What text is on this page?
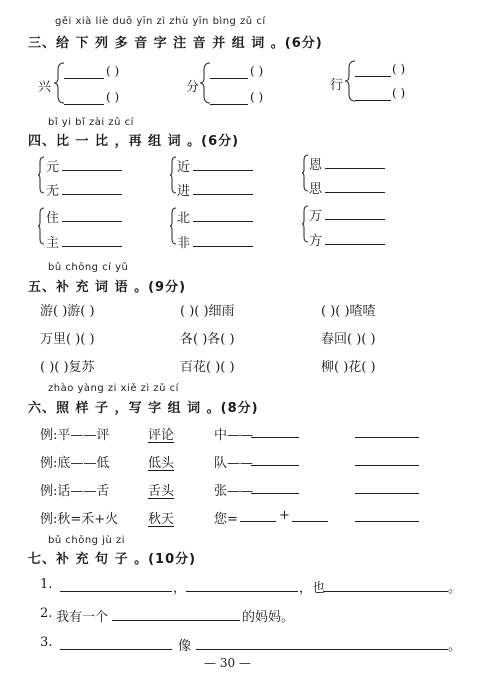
gěi xià liè duō yīn zì zhù yīn bìng zǔ cí
三、给 下 列 多 音 字 注 音 并 组 词 。(6分)
兴
( )
( )
分
( )
( )
行
( )
( )
bǐ yi bǐ zài zǔ cí
四、比 一 比 ，再 组 词 。(6分)
元
无
近
进
恩
思
住
主
北
非
万
方
bǔ chōng cí yǔ
五、补 充 词 语 。(9分)
游( )游( )	( )( )细雨	( )( )喳喳
万里( )( )	各( )各( )	春回( )( )
( )( )复苏	百花( )( )	柳( )花( )
zhào yàng zi xiě zì zǔ cí
六、照 样 子 ，写 字 组 词 。(8分)
例:平——评	评论	中——
例:底——低	低头	队——
例:话——舌	舌头	张——
例:秋=禾+火 秋天	您=	+
bǔ chōng jù zi
七、补 充 句 子 。(10分)
1.	，	，也	。
2. 我有一个	的妈妈。
3.	像	。
— 30 —
